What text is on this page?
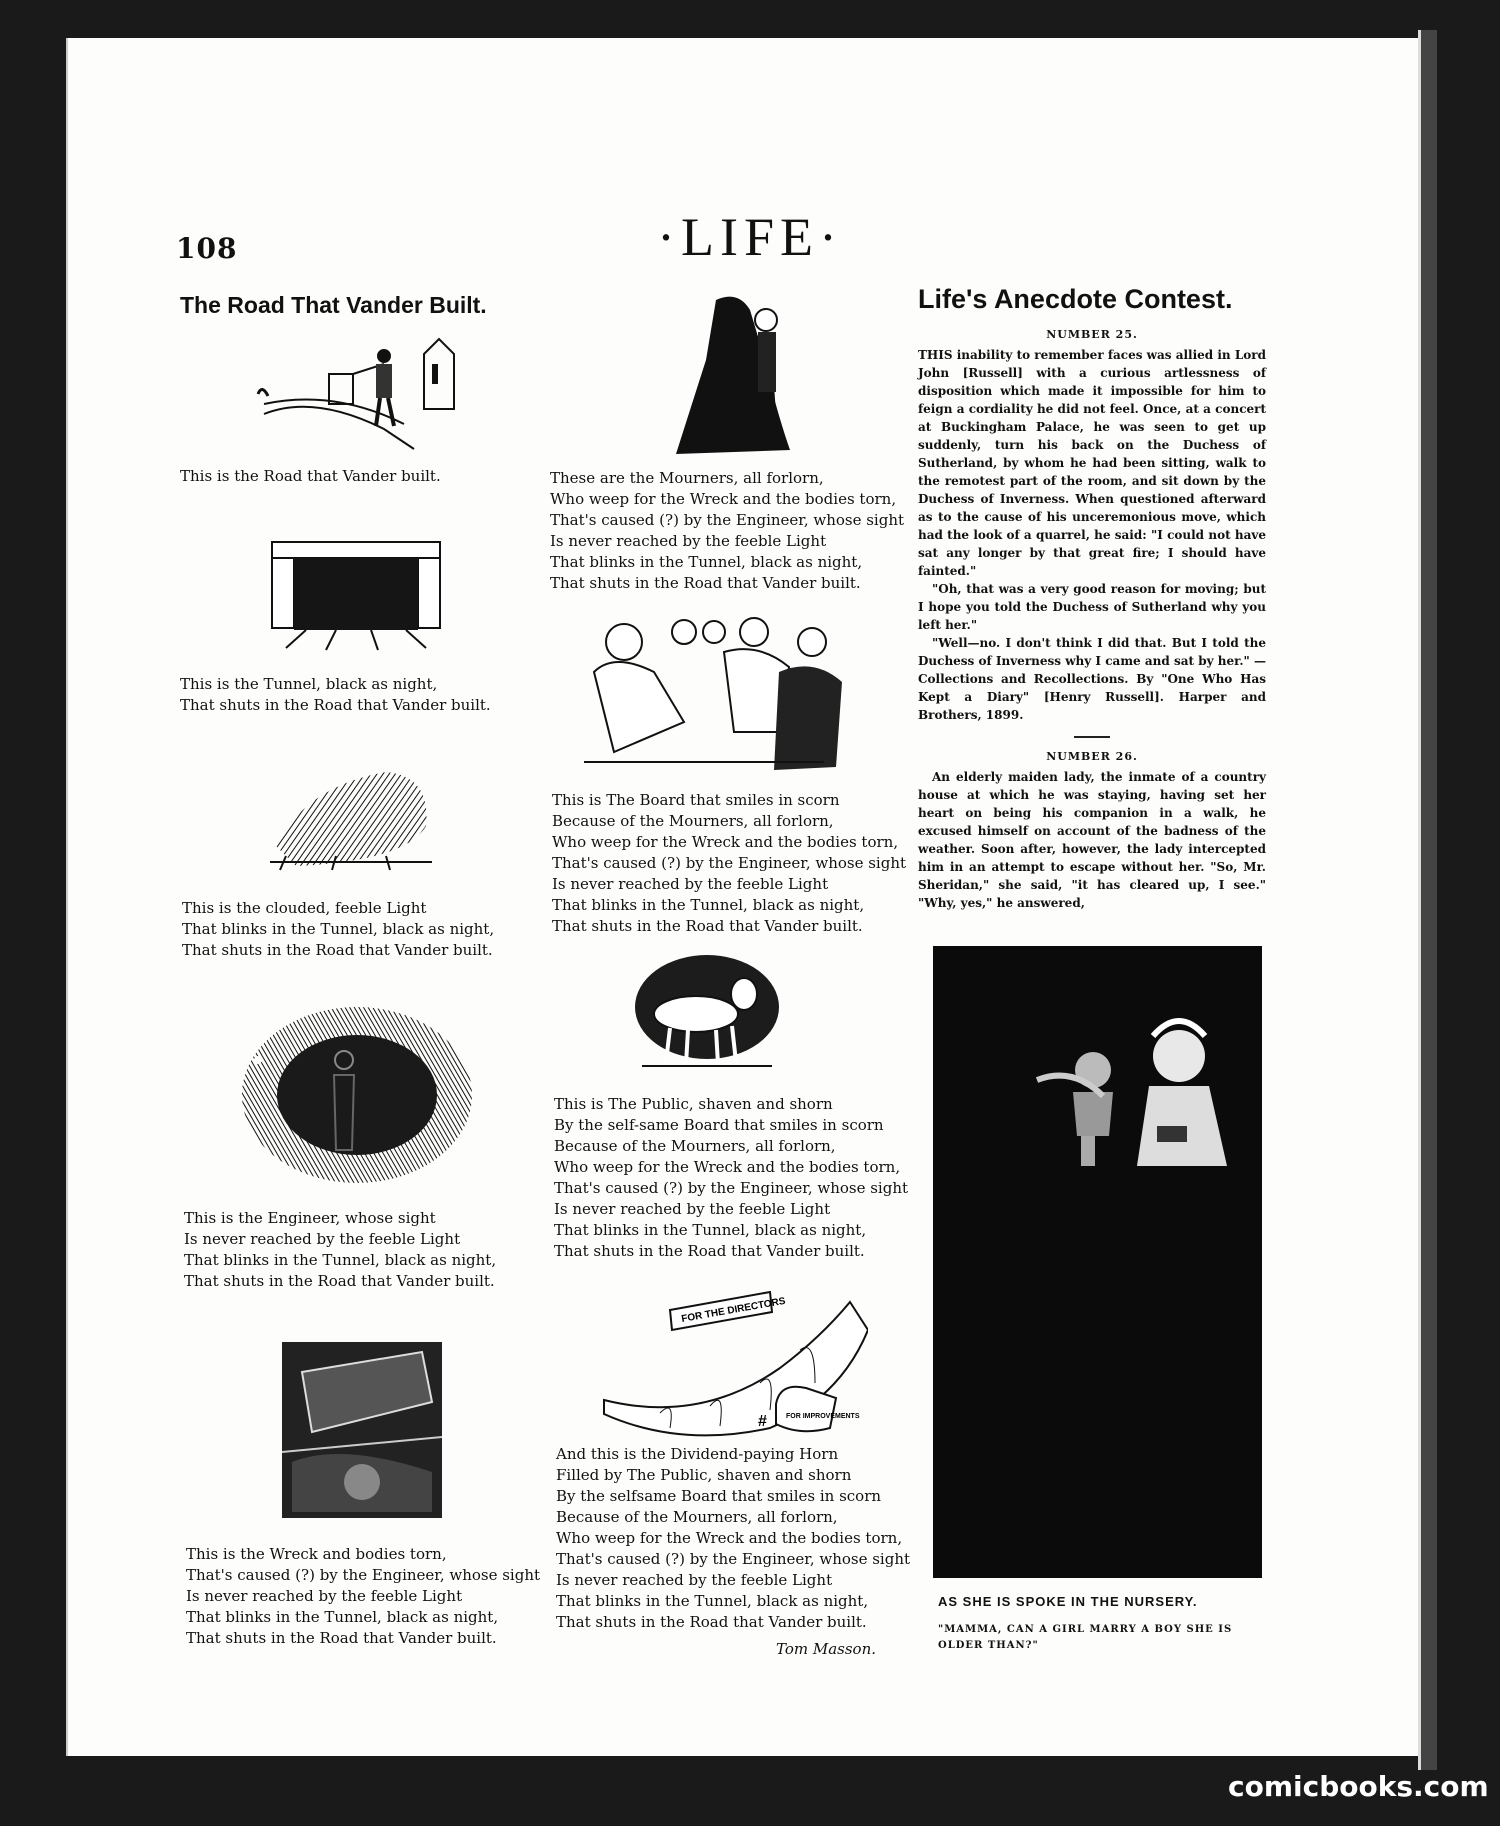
108	·LIFE·
The Road That Vander Built.
This is the Road that Vander built.
This is the Tunnel, black as night,
That shuts in the Road that Vander built.
This is the clouded, feeble Light
That blinks in the Tunnel, black as night,
That shuts in the Road that Vander built.
This is the Engineer, whose sight
Is never reached by the feeble Light
That blinks in the Tunnel, black as night,
That shuts in the Road that Vander built.
This is the Wreck and bodies torn,
That's caused (?) by the Engineer, whose sight
Is never reached by the feeble Light
That blinks in the Tunnel, black as night,
That shuts in the Road that Vander built.
These are the Mourners, all forlorn,
Who weep for the Wreck and the bodies torn,
That's caused (?) by the Engineer, whose sight
Is never reached by the feeble Light
That blinks in the Tunnel, black as night,
That shuts in the Road that Vander built.
This is The Board that smiles in scorn
Because of the Mourners, all forlorn,
Who weep for the Wreck and the bodies torn,
That's caused (?) by the Engineer, whose sight
Is never reached by the feeble Light
That blinks in the Tunnel, black as night,
That shuts in the Road that Vander built.
This is The Public, shaven and shorn
By the self-same Board that smiles in scorn
Because of the Mourners, all forlorn,
Who weep for the Wreck and the bodies torn,
That's caused (?) by the Engineer, whose sight
Is never reached by the feeble Light
That blinks in the Tunnel, black as night,
That shuts in the Road that Vander built.
FOR THE DIRECTORS
FOR IMPROVEMENTS
#
And this is the Dividend-paying Horn
Filled by The Public, shaven and shorn
By the selfsame Board that smiles in scorn
Because of the Mourners, all forlorn,
Who weep for the Wreck and the bodies torn,
That's caused (?) by the Engineer, whose sight
Is never reached by the feeble Light
That blinks in the Tunnel, black as night,
That shuts in the Road that Vander built.
Tom Masson.
Life's Anecdote Contest.
NUMBER 25.

THIS inability to remember faces was allied in Lord John [Russell] with a curious artlessness of disposition which made it impossible for him to feign a cordiality he did not feel. Once, at a concert at Buckingham Palace, he was seen to get up suddenly, turn his back on the Duchess of Sutherland, by whom he had been sitting, walk to the remotest part of the room, and sit down by the Duchess of Inverness. When questioned afterward as to the cause of his unceremonious move, which had the look of a quarrel, he said: "I could not have sat any longer by that great fire; I should have fainted."

"Oh, that was a very good reason for moving; but I hope you told the Duchess of Sutherland why you left her."

"Well—no. I don't think I did that. But I told the Duchess of Inverness why I came and sat by her." — Collections and Recollections. By "One Who Has Kept a Diary" [Henry Russell]. Harper and Brothers, 1899.

NUMBER 26.

An elderly maiden lady, the inmate of a country house at which he was staying, having set her heart on being his companion in a walk, he excused himself on account of the badness of the weather. Soon after, however, the lady intercepted him in an attempt to escape without her. "So, Mr. Sheridan," she said, "it has cleared up, I see." "Why, yes," he answered,

AS SHE IS SPOKE IN THE NURSERY.
"MAMMA, CAN A GIRL MARRY A BOY SHE IS OLDER THAN?"
comicbooks.com
